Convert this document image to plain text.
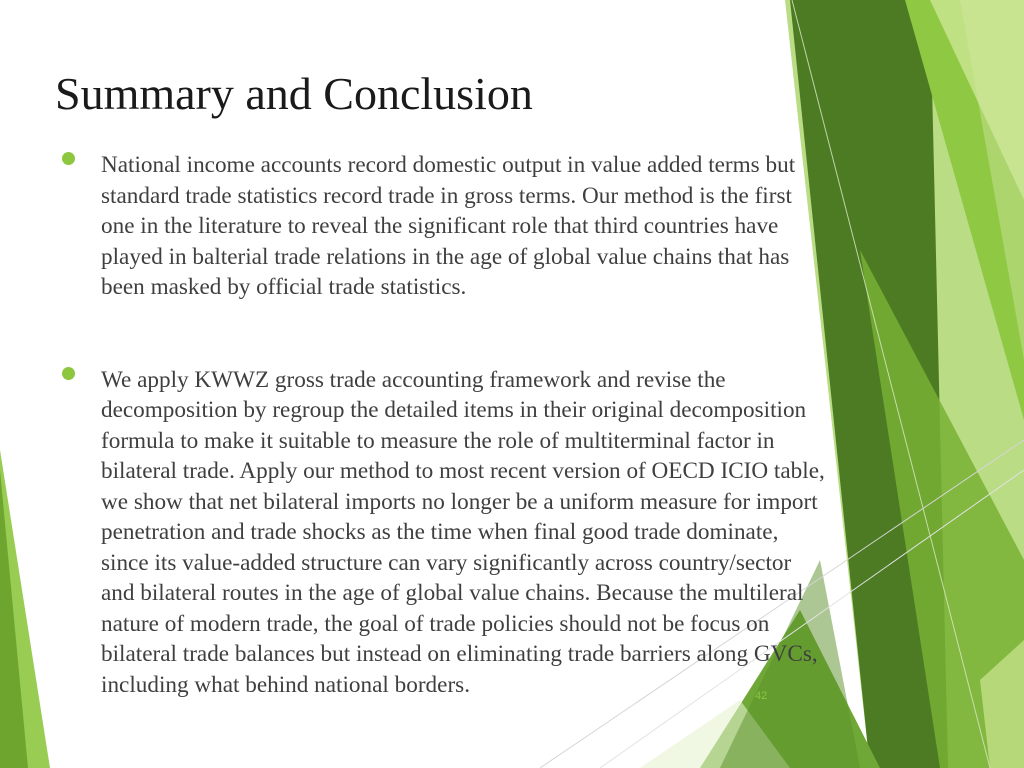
Summary and Conclusion
National income accounts record domestic output in value added terms but
standard trade statistics record trade in gross terms. Our method is the first
one in the literature to reveal the significant role that third countries have
played in balterial trade relations in the age of global value chains that has
been masked by official trade statistics.
We apply KWWZ gross trade accounting framework and revise the
decomposition by regroup the detailed items in their original decomposition
formula to make it suitable to measure the role of multiterminal factor in
bilateral trade. Apply our method to most recent version of OECD ICIO table,
we show that net bilateral imports no longer be a uniform measure for import
penetration and trade shocks as the time when final good trade dominate,
since its value-added structure can vary significantly across country/sector
and bilateral routes in the age of global value chains. Because the multileral
nature of modern trade, the goal of trade policies should not be focus on
bilateral trade balances but instead on eliminating trade barriers along GVCs,
including what behind national borders.	42
